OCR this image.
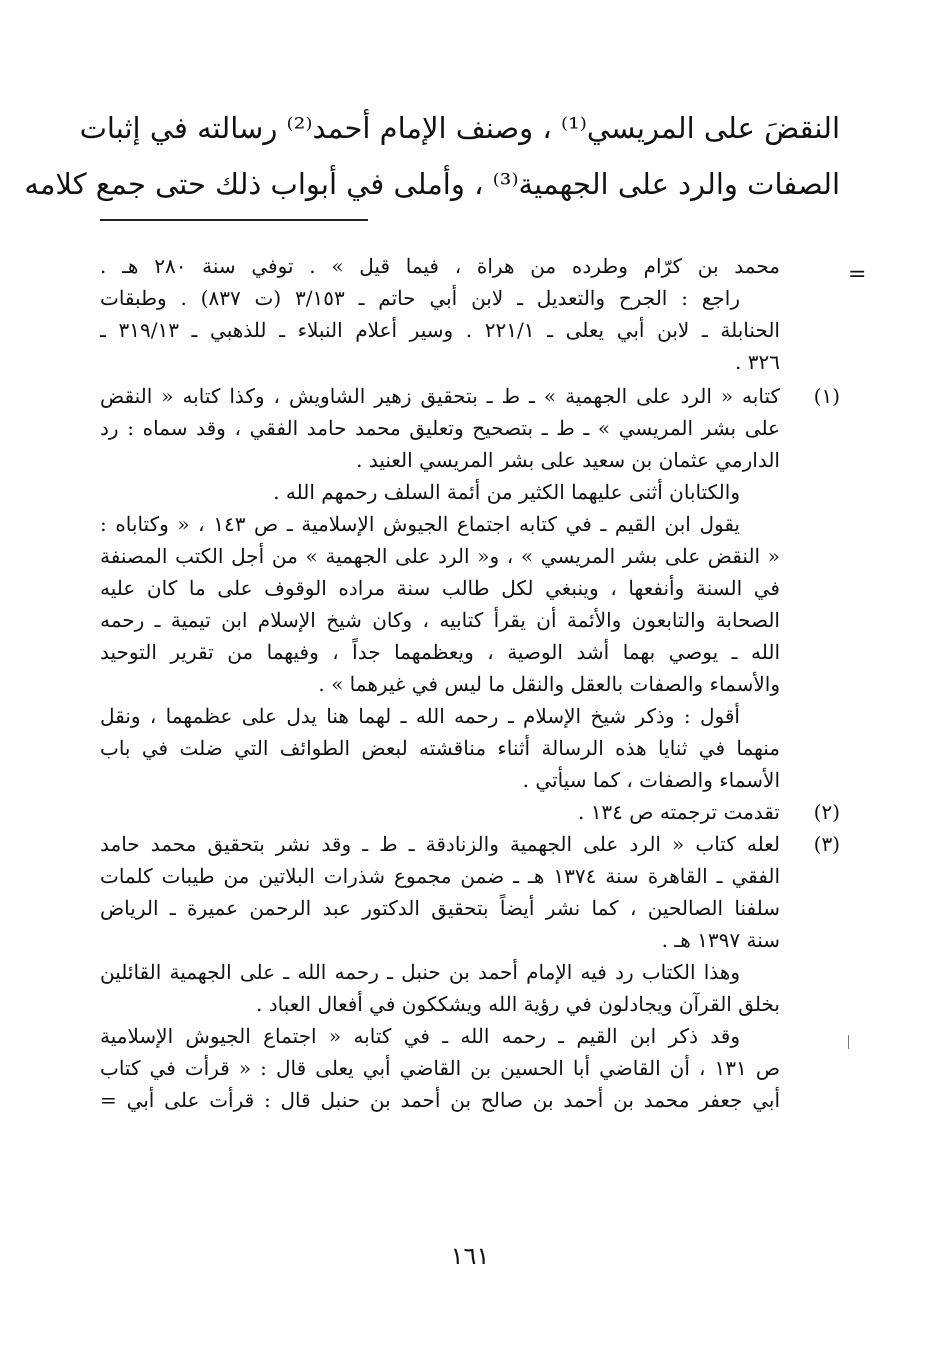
النقضَ على المريسي⁽¹⁾ ، وصنف الإمام أحمد⁽²⁾ رسالته في إثبات
الصفات والرد على الجهمية⁽³⁾ ، وأملى في أبواب ذلك حتى جمع كلامه
=
محمد بن كرّام وطرده من هراة ، فيما قيل » . توفي سنة ٢٨٠ هـ .
راجع : الجرح والتعديل ـ لابن أبي حاتم ـ ٣/١٥٣ (ت ٨٣٧) . وطبقات
الحنابلة ـ لابن أبي يعلى ـ ٢٢١/١ . وسير أعلام النبلاء ـ للذهبي ـ ٣١٩/١٣ ـ
٣٢٦ .
(١)
كتابه « الرد على الجهمية » ـ ط ـ بتحقيق زهير الشاويش ، وكذا كتابه « النقض
على بشر المريسي » ـ ط ـ بتصحيح وتعليق محمد حامد الفقي ، وقد سماه : رد
الدارمي عثمان بن سعيد على بشر المريسي العنيد .
والكتابان أثنى عليهما الكثير من أئمة السلف رحمهم الله .
يقول ابن القيم ـ في كتابه اجتماع الجيوش الإسلامية ـ ص ١٤٣ ، « وكتاباه :
« النقض على بشر المريسي » ، و« الرد على الجهمية » من أجل الكتب المصنفة
في السنة وأنفعها ، وينبغي لكل طالب سنة مراده الوقوف على ما كان عليه
الصحابة والتابعون والأئمة أن يقرأ كتابيه ، وكان شيخ الإسلام ابن تيمية ـ رحمه
الله ـ يوصي بهما أشد الوصية ، ويعظمهما جداً ، وفيهما من تقرير التوحيد
والأسماء والصفات بالعقل والنقل ما ليس في غيرهما » .
أقول : وذكر شيخ الإسلام ـ رحمه الله ـ لهما هنا يدل على عظمهما ، ونقل
منهما في ثنايا هذه الرسالة أثناء مناقشته لبعض الطوائف التي ضلت في باب
الأسماء والصفات ، كما سيأتي .
(٢)
تقدمت ترجمته ص ١٣٤ .
(٣)
لعله كتاب « الرد على الجهمية والزنادقة ـ ط ـ وقد نشر بتحقيق محمد حامد
الفقي ـ القاهرة سنة ١٣٧٤ هـ ـ ضمن مجموع شذرات البلاتين من طيبات كلمات
سلفنا الصالحين ، كما نشر أيضاً بتحقيق الدكتور عبد الرحمن عميرة ـ الرياض
سنة ١٣٩٧ هـ .
وهذا الكتاب رد فيه الإمام أحمد بن حنبل ـ رحمه الله ـ على الجهمية القائلين
بخلق القرآن ويجادلون في رؤية الله ويشككون في أفعال العباد .
وقد ذكر ابن القيم ـ رحمه الله ـ في كتابه « اجتماع الجيوش الإسلامية
ص ١٣١ ، أن القاضي أبا الحسين بن القاضي أبي يعلى قال : « قرأت في كتاب
أبي جعفر محمد بن أحمد بن صالح بن أحمد بن حنبل قال : قرأت على أبي =
١٦١
